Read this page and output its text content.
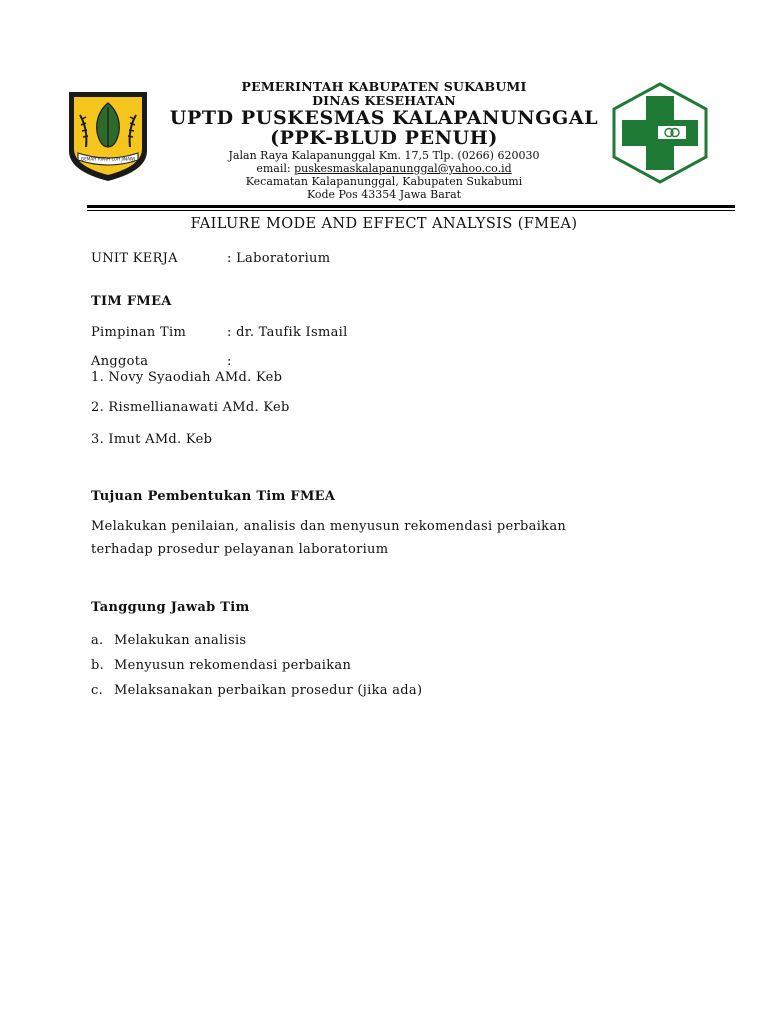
GEMAH RIPAH LOH JINAWI
PEMERINTAH KABUPATEN SUKABUMI
DINAS KESEHATAN
UPTD PUSKESMAS KALAPANUNGGAL
(PPK-BLUD PENUH)
Jalan Raya Kalapanunggal Km. 17,5 Tlp. (0266) 620030
email: puskesmaskalapanunggal@yahoo.co.id
Kecamatan Kalapanunggal, Kabupaten Sukabumi
Kode Pos 43354 Jawa Barat
FAILURE MODE AND EFFECT ANALYSIS (FMEA)
UNIT KERJA	: Laboratorium
TIM FMEA
Pimpinan Tim	: dr. Taufik Ismail
Anggota	:
1. Novy Syaodiah AMd. Keb
2. Rismellianawati AMd. Keb
3. Imut AMd. Keb
Tujuan Pembentukan Tim FMEA
Melakukan penilaian, analisis dan menyusun rekomendasi perbaikan
terhadap prosedur pelayanan laboratorium
Tanggung Jawab Tim
a. Melakukan analisis
b. Menyusun rekomendasi perbaikan
c. Melaksanakan perbaikan prosedur (jika ada)
